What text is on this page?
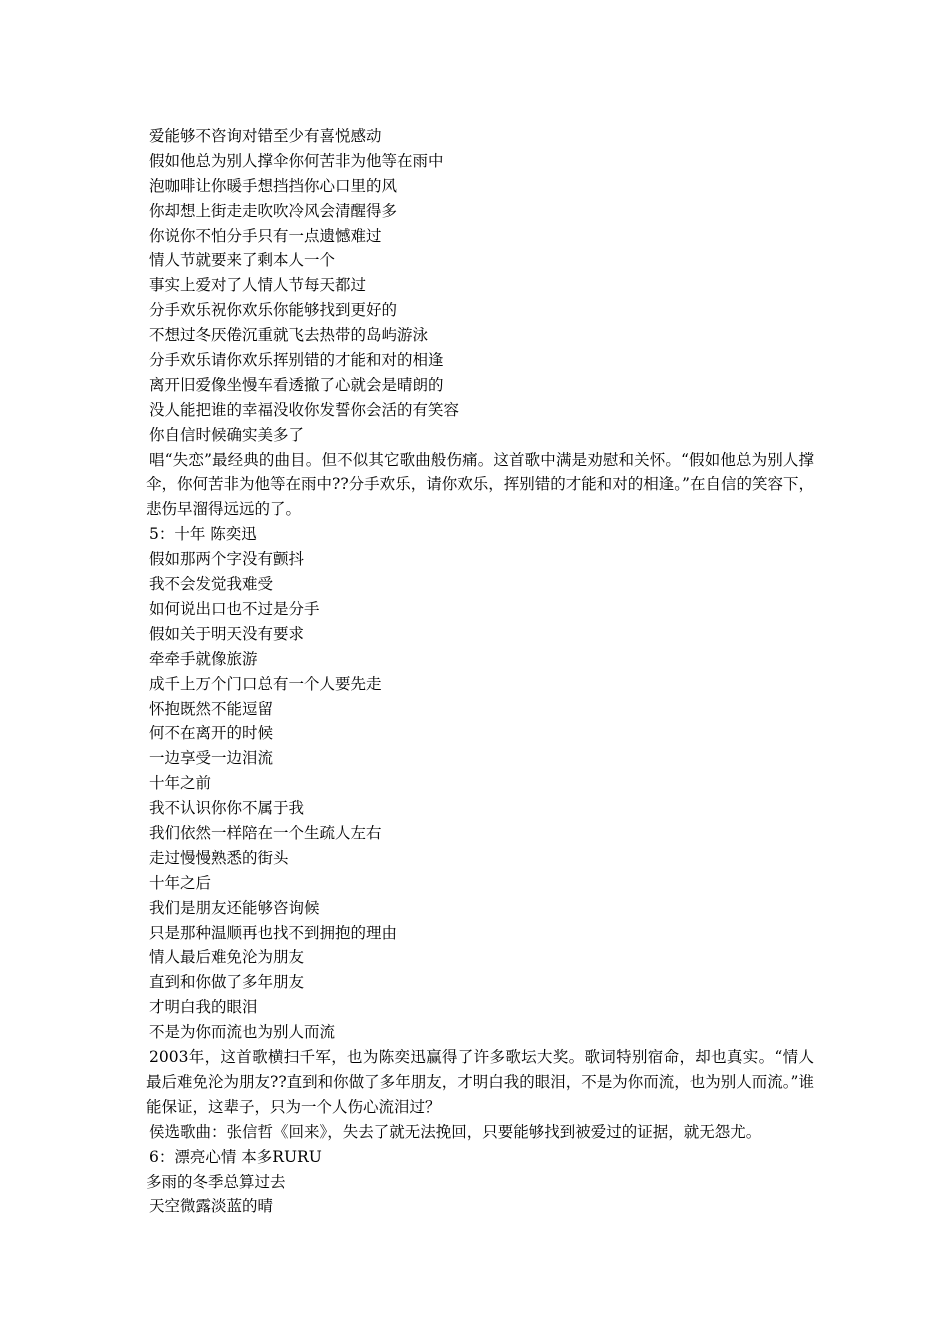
爱能够不咨询对错至少有喜悦感动
假如他总为别人撑伞你何苦非为他等在雨中
泡咖啡让你暖手想挡挡你心口里的风
你却想上街走走吹吹冷风会清醒得多
你说你不怕分手只有一点遗憾难过
情人节就要来了剩本人一个
事实上爱对了人情人节每天都过
分手欢乐祝你欢乐你能够找到更好的
不想过冬厌倦沉重就飞去热带的岛屿游泳
分手欢乐请你欢乐挥别错的才能和对的相逢
离开旧爱像坐慢车看透撤了心就会是晴朗的
没人能把谁的幸福没收你发誓你会活的有笑容
你自信时候确实美多了
唱“失恋”最经典的曲目。但不似其它歌曲般伤痛。这首歌中满是劝慰和关怀。“假如他总为别人撑伞，你何苦非为他等在雨中??分手欢乐，请你欢乐，挥别错的才能和对的相逢。”在自信的笑容下，悲伤早溜得远远的了。
5：十年 陈奕迅
假如那两个字没有颤抖
我不会发觉我难受
如何说出口也不过是分手
假如关于明天没有要求
牵牵手就像旅游
成千上万个门口总有一个人要先走
怀抱既然不能逗留
何不在离开的时候
一边享受一边泪流
十年之前
我不认识你你不属于我
我们依然一样陪在一个生疏人左右
走过慢慢熟悉的街头
十年之后
我们是朋友还能够咨询候
只是那种温顺再也找不到拥抱的理由
情人最后难免沦为朋友
直到和你做了多年朋友
才明白我的眼泪
不是为你而流也为别人而流
2003年，这首歌横扫千军，也为陈奕迅赢得了许多歌坛大奖。歌词特别宿命，却也真实。“情人最后难免沦为朋友??直到和你做了多年朋友，才明白我的眼泪，不是为你而流，也为别人而流。”谁能保证，这辈子，只为一个人伤心流泪过？
侯选歌曲：张信哲《回来》，失去了就无法挽回，只要能够找到被爱过的证据，就无怨尤。
6：漂亮心情 本多RURU
多雨的冬季总算过去
天空微露淡蓝的晴
